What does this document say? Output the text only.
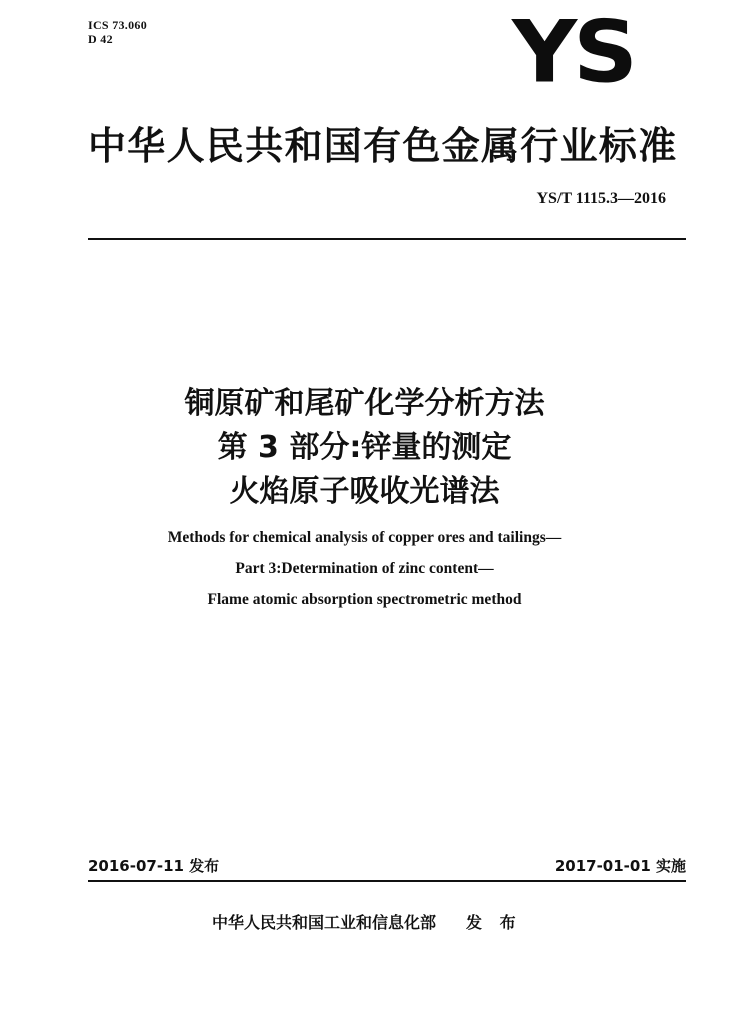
ICS 73.060
D 42	YS
中华人民共和国有色金属行业标准
YS/T 1115.3—2016
铜原矿和尾矿化学分析方法
第 3 部分:锌量的测定
火焰原子吸收光谱法
Methods for chemical analysis of copper ores and tailings—
Part 3:Determination of zinc content—
Flame atomic absorption spectrometric method
2016-07-11 发布	2017-01-01 实施
中华人民共和国工业和信息化部 发 布
